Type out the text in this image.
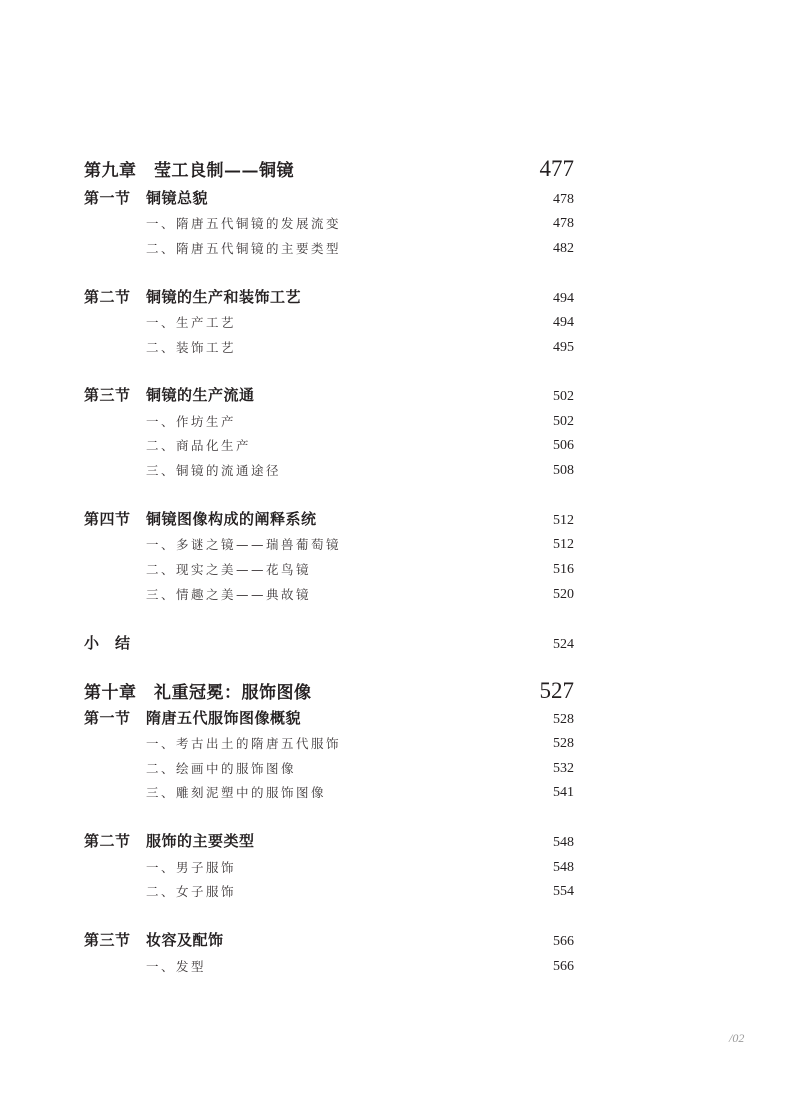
第九章　莹工良制——铜镜	477
第一节　铜镜总貌	478
一、隋唐五代铜镜的发展流变	478
二、隋唐五代铜镜的主要类型	482
第二节　铜镜的生产和装饰工艺	494
一、生产工艺	494
二、装饰工艺	495
第三节　铜镜的生产流通	502
一、作坊生产	502
二、商品化生产	506
三、铜镜的流通途径	508
第四节　铜镜图像构成的阐释系统	512
一、多谜之镜——瑞兽葡萄镜	512
二、现实之美——花鸟镜	516
三、情趣之美——典故镜	520
小　结	524
第十章　礼重冠冕：服饰图像	527
第一节　隋唐五代服饰图像概貌	528
一、考古出土的隋唐五代服饰	528
二、绘画中的服饰图像	532
三、雕刻泥塑中的服饰图像	541
第二节　服饰的主要类型	548
一、男子服饰	548
二、女子服饰	554
第三节　妆容及配饰	566
一、发型	566
/02
